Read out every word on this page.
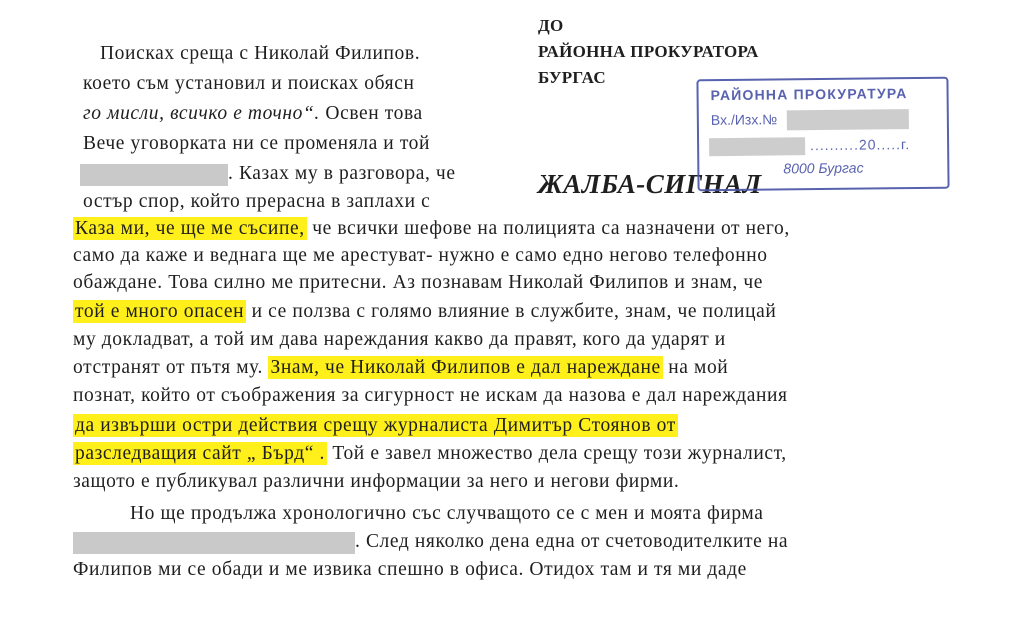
ДО
РАЙОННА ПРОКУРАТОРА
БУРГАС
ЖАЛБА-СИГНАЛ
РАЙОННА ПРОКУРАТУРА
Вх./Изх.№
..........20.....г.
8000 Бургас
Поисках среща с Николай Филипов.
което съм установил и поисках обясн
го мисли, всичко е точно“. Освен това
Вече уговорката ни се променяла и той
. Казах му в разговора, че
остър спор, който прерасна в заплахи с
Каза ми, че ще ме съсипе, че всички шефове на полицията са назначени от него,
само да каже и веднага ще ме арестуват- нужно е само едно негово телефонно
обаждане. Това силно ме притесни. Аз познавам Николай Филипов и знам, че
той е много опасен и се ползва с голямо влияние в службите, знам, че полицай
му докладват, а той им дава нареждания какво да правят, кого да ударят и
отстранят от пътя му. Знам, че Николай Филипов е дал нареждане на мой
познат, който от съображения за сигурност не искам да назова е дал нареждания
да извърши остри действия срещу журналиста Димитър Стоянов от
разследващия сайт „ Бърд“ . Той е завел множество дела срещу този журналист,
защото е публикувал различни информации за него и негови фирми.
Но ще продължа хронологично със случващото се с мен и моята фирма
. След няколко дена една от счетоводителките на
Филипов ми се обади и ме извика спешно в офиса. Отидох там и тя ми даде
